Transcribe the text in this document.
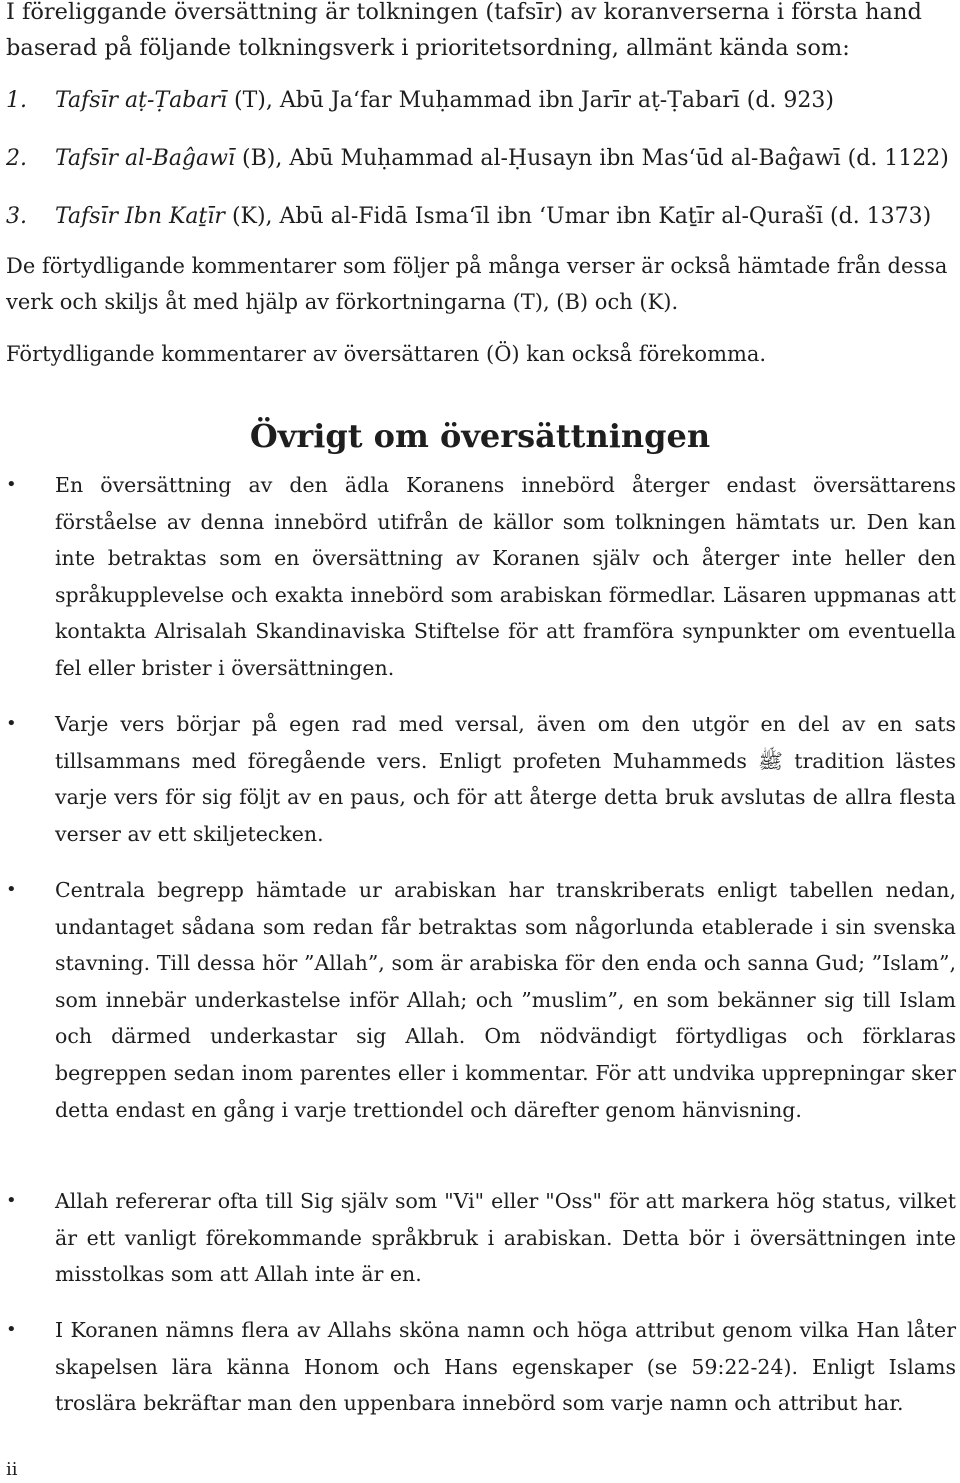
I föreliggande översättning är tolkningen (tafsīr) av koranverserna i första hand baserad på följande tolkningsverk i prioritetsordning, allmänt kända som:

1. Tafsīr aṭ-Ṭabarī (T), Abū Ja‘far Muḥammad ibn Jarīr aṭ-Ṭabarī (d. 923)
2. Tafsīr al-Baĝawī (B), Abū Muḥammad al-Ḥusayn ibn Mas‘ūd al-Baĝawī (d. 1122)
3. Tafsīr Ibn Kaṯīr (K), Abū al-Fidā Isma‘īl ibn ‘Umar ibn Kaṯīr al-Qurašī (d. 1373)

De förtydligande kommentarer som följer på många verser är också hämtade från dessa verk och skiljs åt med hjälp av förkortningarna (T), (B) och (K).

Förtydligande kommentarer av översättaren (Ö) kan också förekomma.

Övrigt om översättningen
• En översättning av den ädla Koranens innebörd återger endast översättarens förståelse av denna innebörd utifrån de källor som tolkningen hämtats ur. Den kan inte betraktas som en översättning av Koranen själv och återger inte heller den språkupplevelse och exakta innebörd som arabiskan förmedlar. Läsaren uppmanas att kontakta Alrisalah Skandinaviska Stiftelse för att framföra synpunkter om eventuella fel eller brister i översättningen.
• Varje vers börjar på egen rad med versal, även om den utgör en del av en sats tillsammans med föregående vers. Enligt profeten Muhammeds ﷺ tradition lästes varje vers för sig följt av en paus, och för att återge detta bruk avslutas de allra flesta verser av ett skiljetecken.
• Centrala begrepp hämtade ur arabiskan har transkriberats enligt tabellen nedan, undantaget sådana som redan får betraktas som någorlunda etablerade i sin svenska stavning. Till dessa hör ”Allah”, som är arabiska för den enda och sanna Gud; ”Islam”, som innebär underkastelse inför Allah; och ”muslim”, en som bekänner sig till Islam och därmed underkastar sig Allah. Om nödvändigt förtydligas och förklaras begreppen sedan inom parentes eller i kommentar. För att undvika upprepningar sker detta endast en gång i varje trettiondel och därefter genom hänvisning.
• Allah refererar ofta till Sig själv som "Vi" eller "Oss" för att markera hög status, vilket är ett vanligt förekommande språkbruk i arabiskan. Detta bör i översättningen inte misstolkas som att Allah inte är en.
• I Koranen nämns flera av Allahs sköna namn och höga attribut genom vilka Han låter skapelsen lära känna Honom och Hans egenskaper (se 59:22-24). Enligt Islams troslära bekräftar man den uppenbara innebörd som varje namn och attribut har.
ii
